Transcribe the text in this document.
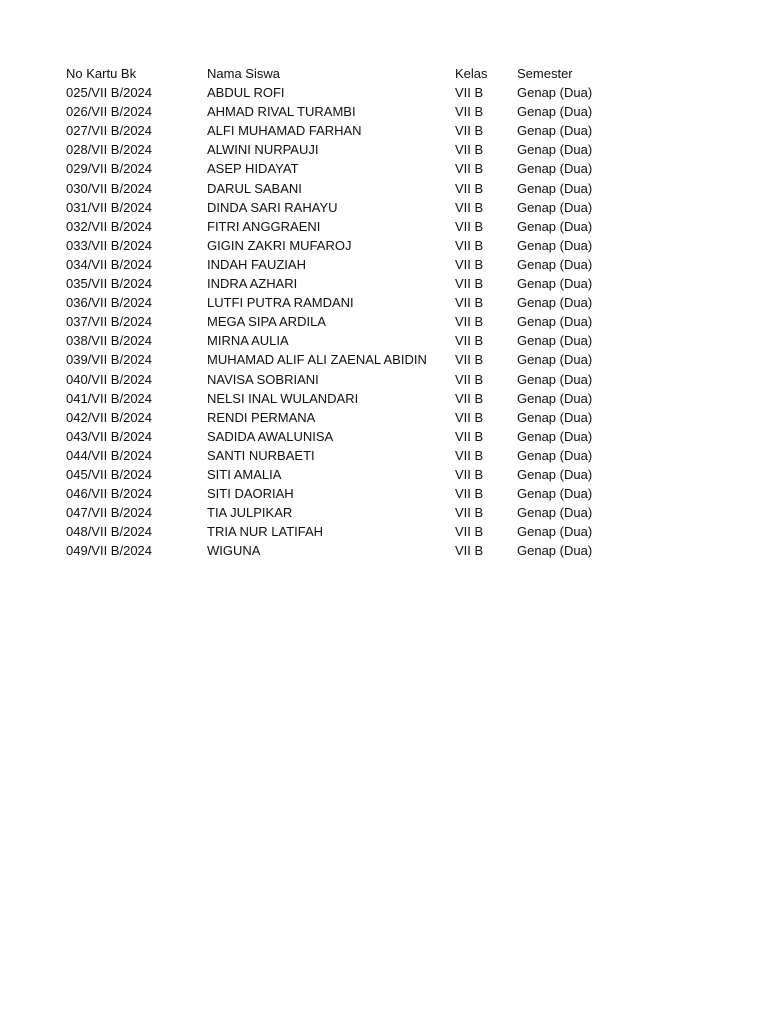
No Kartu Bk	Nama Siswa	Kelas	Semester
025/VII B/2024	ABDUL ROFI	VII B	Genap (Dua)
026/VII B/2024	AHMAD RIVAL TURAMBI	VII B	Genap (Dua)
027/VII B/2024	ALFI MUHAMAD FARHAN	VII B	Genap (Dua)
028/VII B/2024	ALWINI NURPAUJI	VII B	Genap (Dua)
029/VII B/2024	ASEP HIDAYAT	VII B	Genap (Dua)
030/VII B/2024	DARUL SABANI	VII B	Genap (Dua)
031/VII B/2024	DINDA SARI RAHAYU	VII B	Genap (Dua)
032/VII B/2024	FITRI ANGGRAENI	VII B	Genap (Dua)
033/VII B/2024	GIGIN ZAKRI MUFAROJ	VII B	Genap (Dua)
034/VII B/2024	INDAH FAUZIAH	VII B	Genap (Dua)
035/VII B/2024	INDRA AZHARI	VII B	Genap (Dua)
036/VII B/2024	LUTFI PUTRA RAMDANI	VII B	Genap (Dua)
037/VII B/2024	MEGA SIPA ARDILA	VII B	Genap (Dua)
038/VII B/2024	MIRNA AULIA	VII B	Genap (Dua)
039/VII B/2024	MUHAMAD ALIF ALI ZAENAL ABIDIN	VII B	Genap (Dua)
040/VII B/2024	NAVISA SOBRIANI	VII B	Genap (Dua)
041/VII B/2024	NELSI INAL WULANDARI	VII B	Genap (Dua)
042/VII B/2024	RENDI PERMANA	VII B	Genap (Dua)
043/VII B/2024	SADIDA AWALUNISA	VII B	Genap (Dua)
044/VII B/2024	SANTI NURBAETI	VII B	Genap (Dua)
045/VII B/2024	SITI AMALIA	VII B	Genap (Dua)
046/VII B/2024	SITI DAORIAH	VII B	Genap (Dua)
047/VII B/2024	TIA JULPIKAR	VII B	Genap (Dua)
048/VII B/2024	TRIA NUR LATIFAH	VII B	Genap (Dua)
049/VII B/2024	WIGUNA	VII B	Genap (Dua)
